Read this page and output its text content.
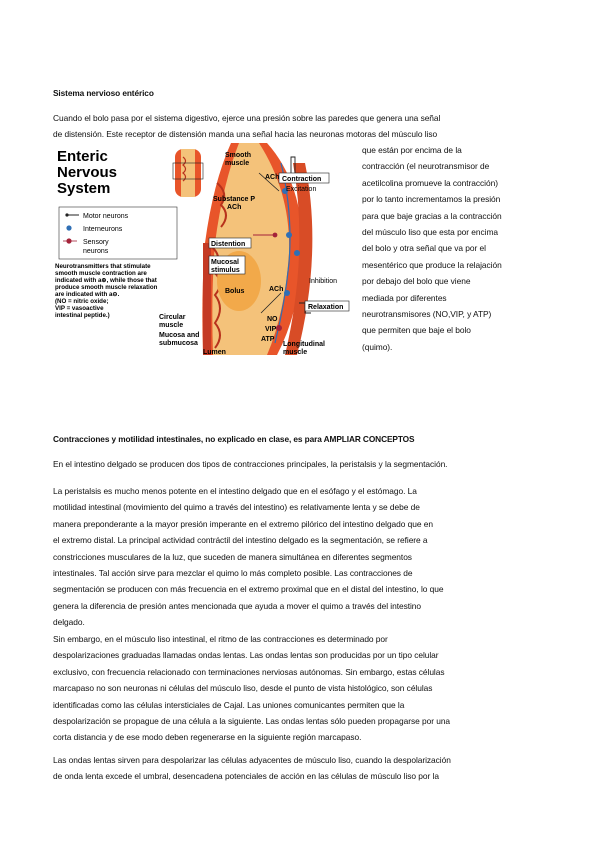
Sistema nervioso entérico
Cuando el bolo pasa por el sistema digestivo, ejerce una presión sobre las paredes que genera una señal
de distensión. Este receptor de distensión manda una señal hacia las neuronas motoras del músculo liso
Enteric
Nervous
System
Motor neurons
Interneurons
Sensory
neurons
Neurotransmitters that stimulate
smooth muscle contraction are
indicated with a⊕, while those that
produce smooth muscle relaxation
are indicated with a⊖.
(NO = nitric oxide;
VIP = vasoactive
intestinal peptide.)
Smooth
muscle
ACh
Substance P
ACh
Contraction
Excitation
Distention
Mucosal
stimulus
Bolus
Inhibition
Relaxation
ACh
NO
VIP
ATP
Circular
muscle
Mucosa and
submucosa
Lumen
Longitudinal
muscle
que están por encima de la
contracción (el neurotransmisor de
acetilcolina promueve la contracción)
por lo tanto incrementamos la presión
para que baje gracias a la contracción
del músculo liso que esta por encima
del bolo y otra señal que va por el
mesentérico que produce la relajación
por debajo del bolo que viene
mediada por diferentes
neurotransmisores (NO,VIP, y ATP)
que permiten que baje el bolo
(quimo).
Contracciones y motilidad intestinales, no explicado en clase, es para AMPLIAR CONCEPTOS
En el intestino delgado se producen dos tipos de contracciones principales, la peristalsis y la segmentación.
La peristalsis es mucho menos potente en el intestino delgado que en el esófago y el estómago. La
motilidad intestinal (movimiento del quimo a través del intestino) es relativamente lenta y se debe de
manera preponderante a la mayor presión imperante en el extremo pilórico del intestino delgado que en
el extremo distal. La principal actividad contráctil del intestino delgado es la segmentación, se refiere a
constricciones musculares de la luz, que suceden de manera simultánea en diferentes segmentos
intestinales. Tal acción sirve para mezclar el quimo lo más completo posible. Las contracciones de
segmentación se producen con más frecuencia en el extremo proximal que en el distal del intestino, lo que
genera la diferencia de presión antes mencionada que ayuda a mover el quimo a través del intestino
delgado.
Sin embargo, en el músculo liso intestinal, el ritmo de las contracciones es determinado por
despolarizaciones graduadas llamadas ondas lentas. Las ondas lentas son producidas por un tipo celular
exclusivo, con frecuencia relacionado con terminaciones nerviosas autónomas. Sin embargo, estas células
marcapaso no son neuronas ni células del músculo liso, desde el punto de vista histológico, son células
identificadas como las células intersticiales de Cajal. Las uniones comunicantes permiten que la
despolarización se propague de una célula a la siguiente. Las ondas lentas sólo pueden propagarse por una
corta distancia y de ese modo deben regenerarse en la siguiente región marcapaso.
Las ondas lentas sirven para despolarizar las células adyacentes de músculo liso, cuando la despolarización
de onda lenta excede el umbral, desencadena potenciales de acción en las células de músculo liso por la
